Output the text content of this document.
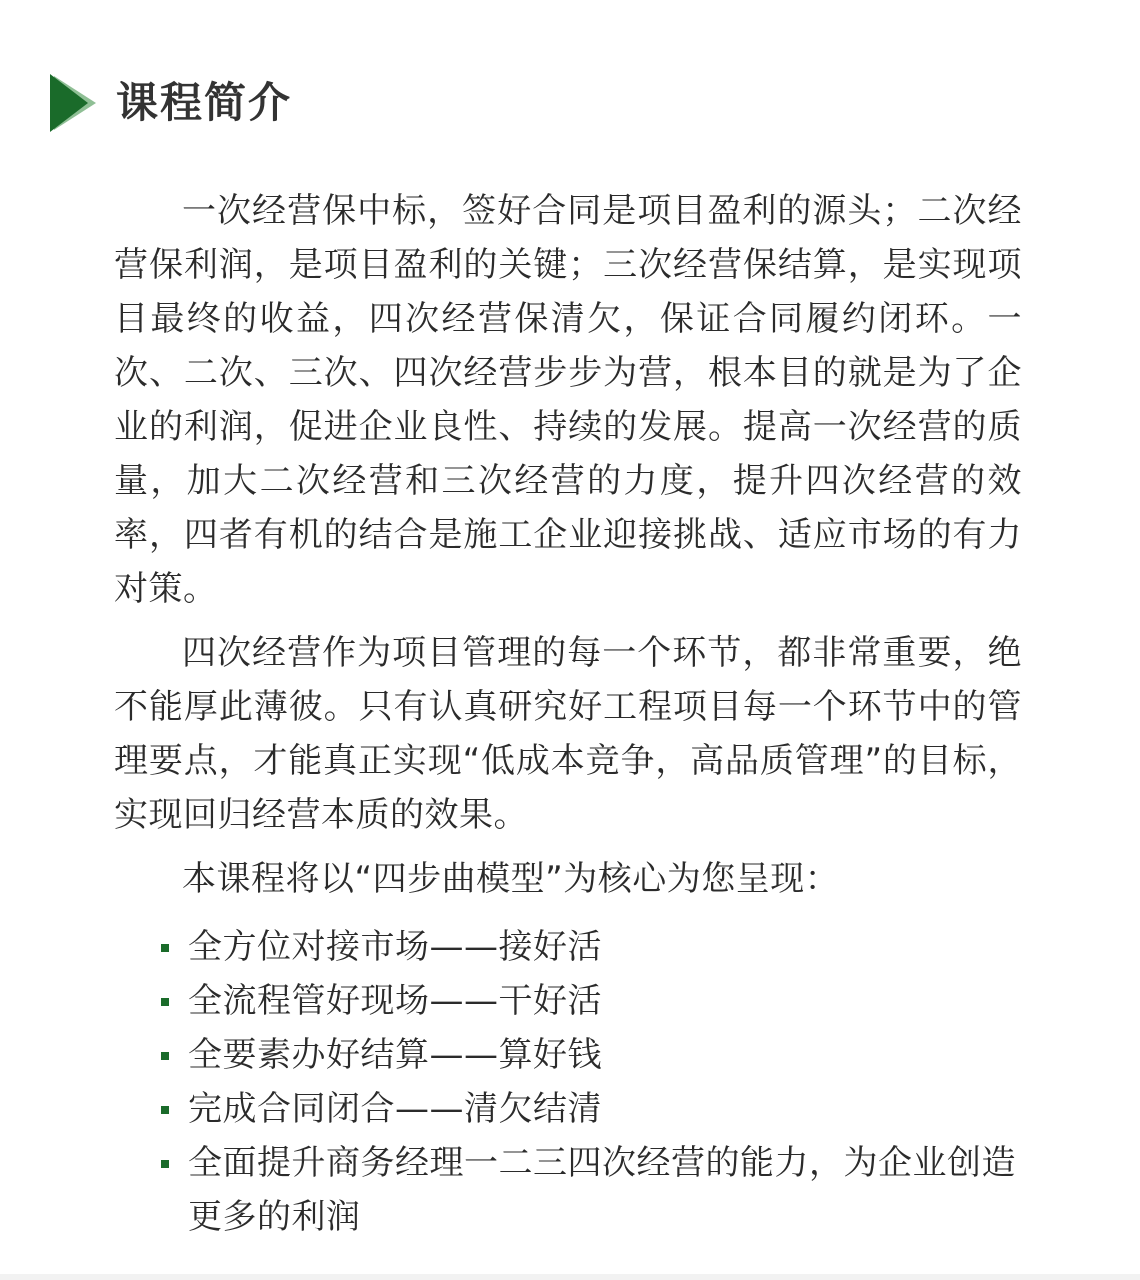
课程简介

一次经营保中标，签好合同是项目盈利的源头；二次经营保利润，是项目盈利的关键；三次经营保结算，是实现项目最终的收益，四次经营保清欠，保证合同履约闭环。一次、二次、三次、四次经营步步为营，根本目的就是为了企业的利润，促进企业良性、持续的发展。提高一次经营的质量，加大二次经营和三次经营的力度，提升四次经营的效率，四者有机的结合是施工企业迎接挑战、适应市场的有力对策。

四次经营作为项目管理的每一个环节，都非常重要，绝不能厚此薄彼。只有认真研究好工程项目每一个环节中的管理要点，才能真正实现“低成本竞争，高品质管理”的目标，实现回归经营本质的效果。

本课程将以“四步曲模型”为核心为您呈现：

全方位对接市场——接好活
全流程管好现场——干好活
全要素办好结算——算好钱
完成合同闭合——清欠结清
全面提升商务经理一二三四次经营的能力，为企业创造更多的利润
